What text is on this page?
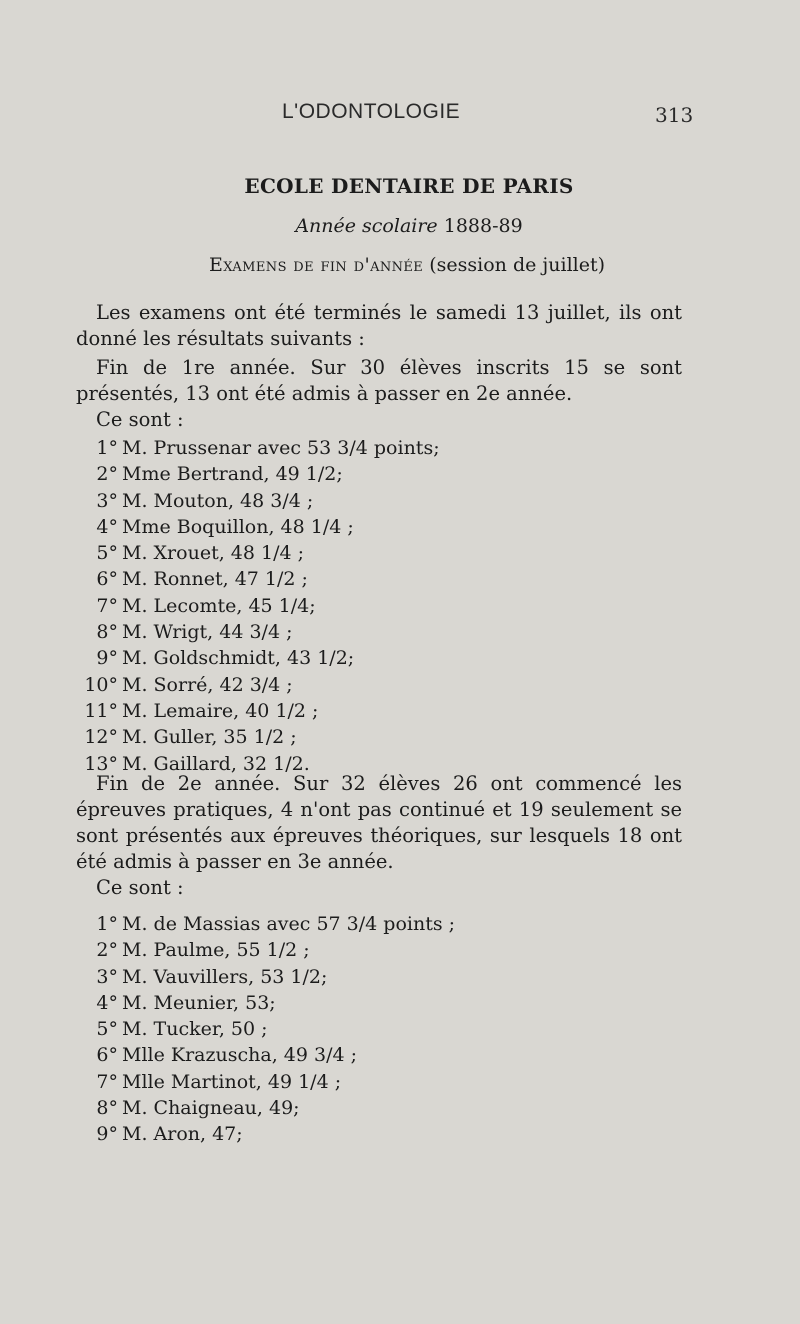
L'ODONTOLOGIE	313
ECOLE DENTAIRE DE PARIS
Année scolaire 1888-89
Examens de fin d'année (session de juillet)

Les examens ont été terminés le samedi 13 juillet, ils ont donné les résultats suivants :

Fin de 1re année. Sur 30 élèves inscrits 15 se sont présentés, 13 ont été admis à passer en 2e année.

Ce sont :
1° M. Prussenar avec 53 3/4 points;
2° Mme Bertrand, 49 1/2;
3° M. Mouton, 48 3/4 ;
4° Mme Boquillon, 48 1/4 ;
5° M. Xrouet, 48 1/4 ;
6° M. Ronnet, 47 1/2 ;
7° M. Lecomte, 45 1/4;
8° M. Wrigt, 44 3/4 ;
9° M. Goldschmidt, 43 1/2;
10° M. Sorré, 42 3/4 ;
11° M. Lemaire, 40 1/2 ;
12° M. Guller, 35 1/2 ;
13° M. Gaillard, 32 1/2.

Fin de 2e année. Sur 32 élèves 26 ont commencé les épreuves pratiques, 4 n'ont pas continué et 19 seulement se sont présentés aux épreuves théoriques, sur lesquels 18 ont été admis à passer en 3e année.

Ce sont :
1° M. de Massias avec 57 3/4 points ;
2° M. Paulme, 55 1/2 ;
3° M. Vauvillers, 53 1/2;
4° M. Meunier, 53;
5° M. Tucker, 50 ;
6° Mlle Krazuscha, 49 3/4 ;
7° Mlle Martinot, 49 1/4 ;
8° M. Chaigneau, 49;
9° M. Aron, 47;
